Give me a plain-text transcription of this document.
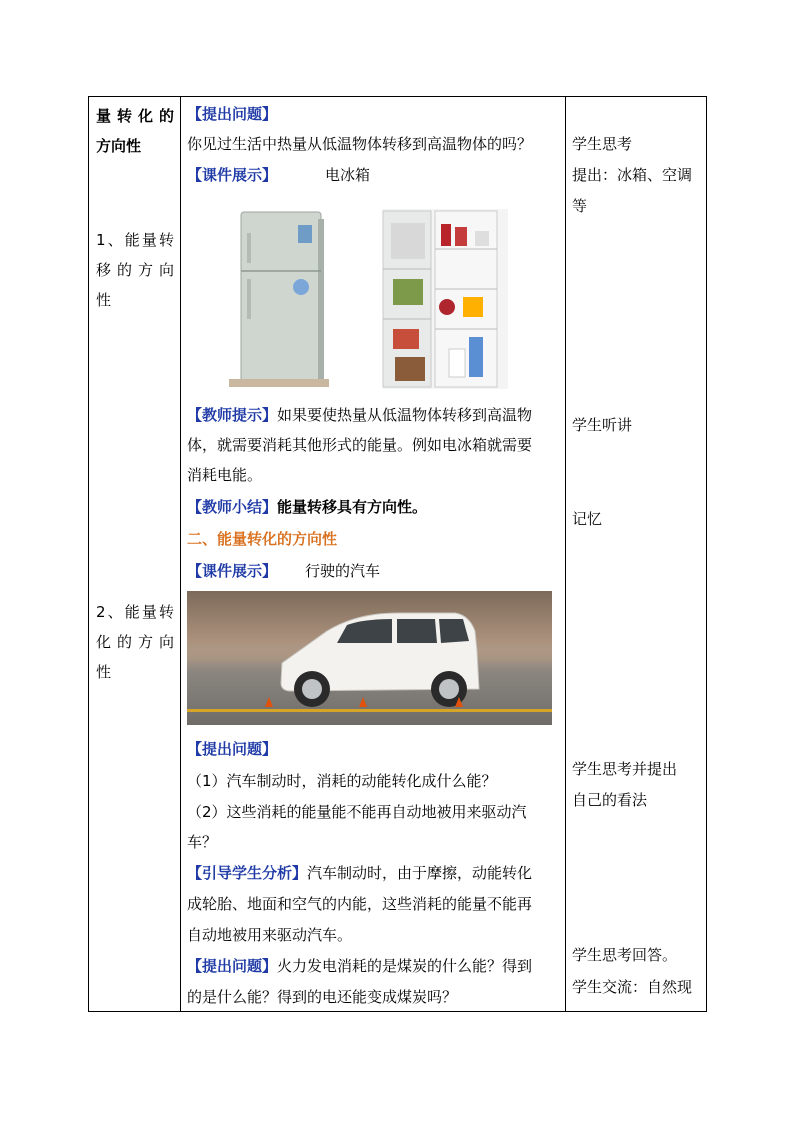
量转化的
方向性
1、能量转
移的方向
性
2、能量转
化的方向
性
【提出问题】
你见过生活中热量从低温物体转移到高温物体的吗？
【课件展示】	电冰箱
【教师提示】如果要使热量从低温物体转移到高温物
体，就需要消耗其他形式的能量。例如电冰箱就需要
消耗电能。
【教师小结】能量转移具有方向性。
二、能量转化的方向性
【课件展示】 行驶的汽车
【提出问题】
（1）汽车制动时，消耗的动能转化成什么能？
（2）这些消耗的能量能不能再自动地被用来驱动汽
车？
【引导学生分析】汽车制动时，由于摩擦，动能转化
成轮胎、地面和空气的内能，这些消耗的能量不能再
自动地被用来驱动汽车。
【提出问题】火力发电消耗的是煤炭的什么能？得到
的是什么能？得到的电还能变成煤炭吗？
学生思考
提出：冰箱、空调
等
学生听讲
记忆
学生思考并提出
自己的看法
学生思考回答。
学生交流：自然现
